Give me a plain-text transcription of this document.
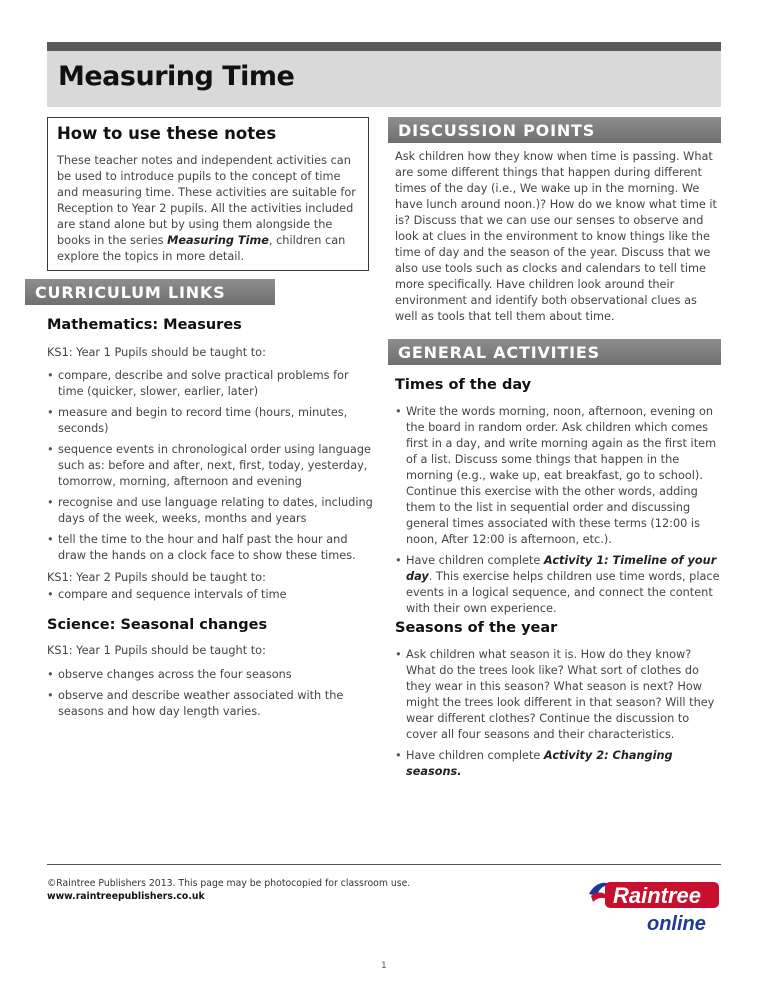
Measuring Time
How to use these notes

These teacher notes and independent activities can be used to introduce pupils to the concept of time and measuring time. These activities are suitable for Reception to Year 2 pupils. All the activities included are stand alone but by using them alongside the books in the series Measuring Time, children can explore the topics in more detail.

CURRICULUM LINKS
Mathematics: Measures

KS1: Year 1 Pupils should be taught to:

• compare, describe and solve practical problems for time (quicker, slower, earlier, later)
• measure and begin to record time (hours, minutes, seconds)
• sequence events in chronological order using language such as: before and after, next, first, today, yesterday, tomorrow, morning, afternoon and evening
• recognise and use language relating to dates, including days of the week, weeks, months and years
• tell the time to the hour and half past the hour and draw the hands on a clock face to show these times.

KS1: Year 2 Pupils should be taught to:

• compare and sequence intervals of time
Science: Seasonal changes

KS1: Year 1 Pupils should be taught to:

• observe changes across the four seasons
• observe and describe weather associated with the seasons and how day length varies.
DISCUSSION POINTS

Ask children how they know when time is passing. What are some different things that happen during different times of the day (i.e., We wake up in the morning. We have lunch around noon.)? How do we know what time it is? Discuss that we can use our senses to observe and look at clues in the environment to know things like the time of day and the season of the year. Discuss that we also use tools such as clocks and calendars to tell time more specifically. Have children look around their environment and identify both observational clues as well as tools that tell them about time.

GENERAL ACTIVITIES
Times of the day
• Write the words morning, noon, afternoon, evening on the board in random order. Ask children which comes first in a day, and write morning again as the first item of a list. Discuss some things that happen in the morning (e.g., wake up, eat breakfast, go to school). Continue this exercise with the other words, adding them to the list in sequential order and discussing general times associated with these terms (12:00 is noon, After 12:00 is afternoon, etc.).
• Have children complete Activity 1: Timeline of your day. This exercise helps children use time words, place events in a logical sequence, and connect the content with their own experience.
Seasons of the year
• Ask children what season it is. How do they know? What do the trees look like? What sort of clothes do they wear in this season? What season is next? How might the trees look different in that season? Will they wear different clothes? Continue the discussion to cover all four seasons and their characteristics.
• Have children complete Activity 2: Changing seasons.
©Raintree Publishers 2013. This page may be photocopied for classroom use.
www.raintreepublishers.co.uk
1
Raintree
online
